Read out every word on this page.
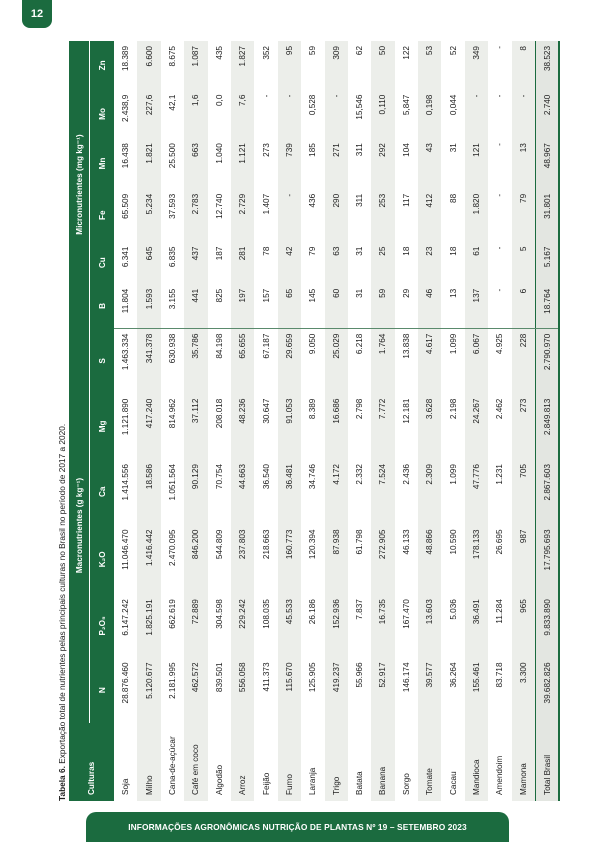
12
Tabela 6. Exportação total de nutrientes pelas principais culturas no Brasil no período de 2017 a 2020.
Culturas	Macronutrientes (g kg⁻¹)						Micronutrientes (mg kg⁻¹)					
	N	P₂O₅	K₂O	Ca	Mg	S	B	Cu	Fe	Mn	Mo	Zn
Soja	28.876.460	6.147.242	11.046.470	1.414.556	1.121.890	1.463.334	11.804	6.341	65.509	16.438	2.438,9	18.389
Milho	5.120.677	1.825.191	1.416.442	18.586	417.240	341.378	1.593	645	5.234	1.821	227,6	6.600
Cana-de-açúcar	2.181.995	662.619	2.470.095	1.051.564	814.962	630.938	3.155	6.835	37.593	25.500	42,1	8.675
Café em coco	462.572	72.889	846.200	90.129	37.112	35.786	441	437	2.783	663	1,6	1.087
Algodão	839.501	304.598	544.809	70.754	208.018	84.198	825	187	12.740	1.040	0,0	435
Arroz	556.058	229.242	237.803	44.663	48.236	65.655	197	281	2.729	1.121	7,6	1.827
Feijão	411.373	108.035	218.663	36.540	30.647	67.187	157	78	1.407	273	-	352
Fumo	115.670	45.533	160.773	36.481	91.053	29.659	65	42	-	739	-	95
Laranja	125.905	26.186	120.394	34.746	8.389	9.050	145	79	436	185	0,528	59
Trigo	419.237	152.936	87.938	4.172	16.686	25.029	60	63	290	271	-	309
Batata	55.966	7.837	61.798	2.332	2.798	6.218	31	31	311	311	15,546	62
Banana	52.917	16.735	272.905	7.524	7.772	1.764	59	25	253	292	0,110	50
Sorgo	146.174	167.470	46.133	2.436	12.181	13.838	29	18	117	104	5,847	122
Tomate	39.577	13.603	48.866	2.309	3.628	4.617	46	23	412	43	0,198	53
Cacau	36.264	5.036	10.590	1.099	2.198	1.099	13	18	88	31	0,044	52
Mandioca	155.461	36.491	178.133	47.776	24.267	6.067	137	61	1.820	121	-	349
Amendoim	83.718	11.284	26.695	1.231	2.462	4.925	-	-	-	-	-	-
Mamona	3.300	965	987	705	273	228	6	5	79	13	-	8
Total Brasil	39.682.826	9.833.890	17.795.693	2.867.603	2.849.813	2.790.970	18.764	5.167	31.801	48.967	2.740	38.523
INFORMAÇÕES AGRONÔMICAS NUTRIÇÃO DE PLANTAS Nº 19 – SETEMBRO 2023
